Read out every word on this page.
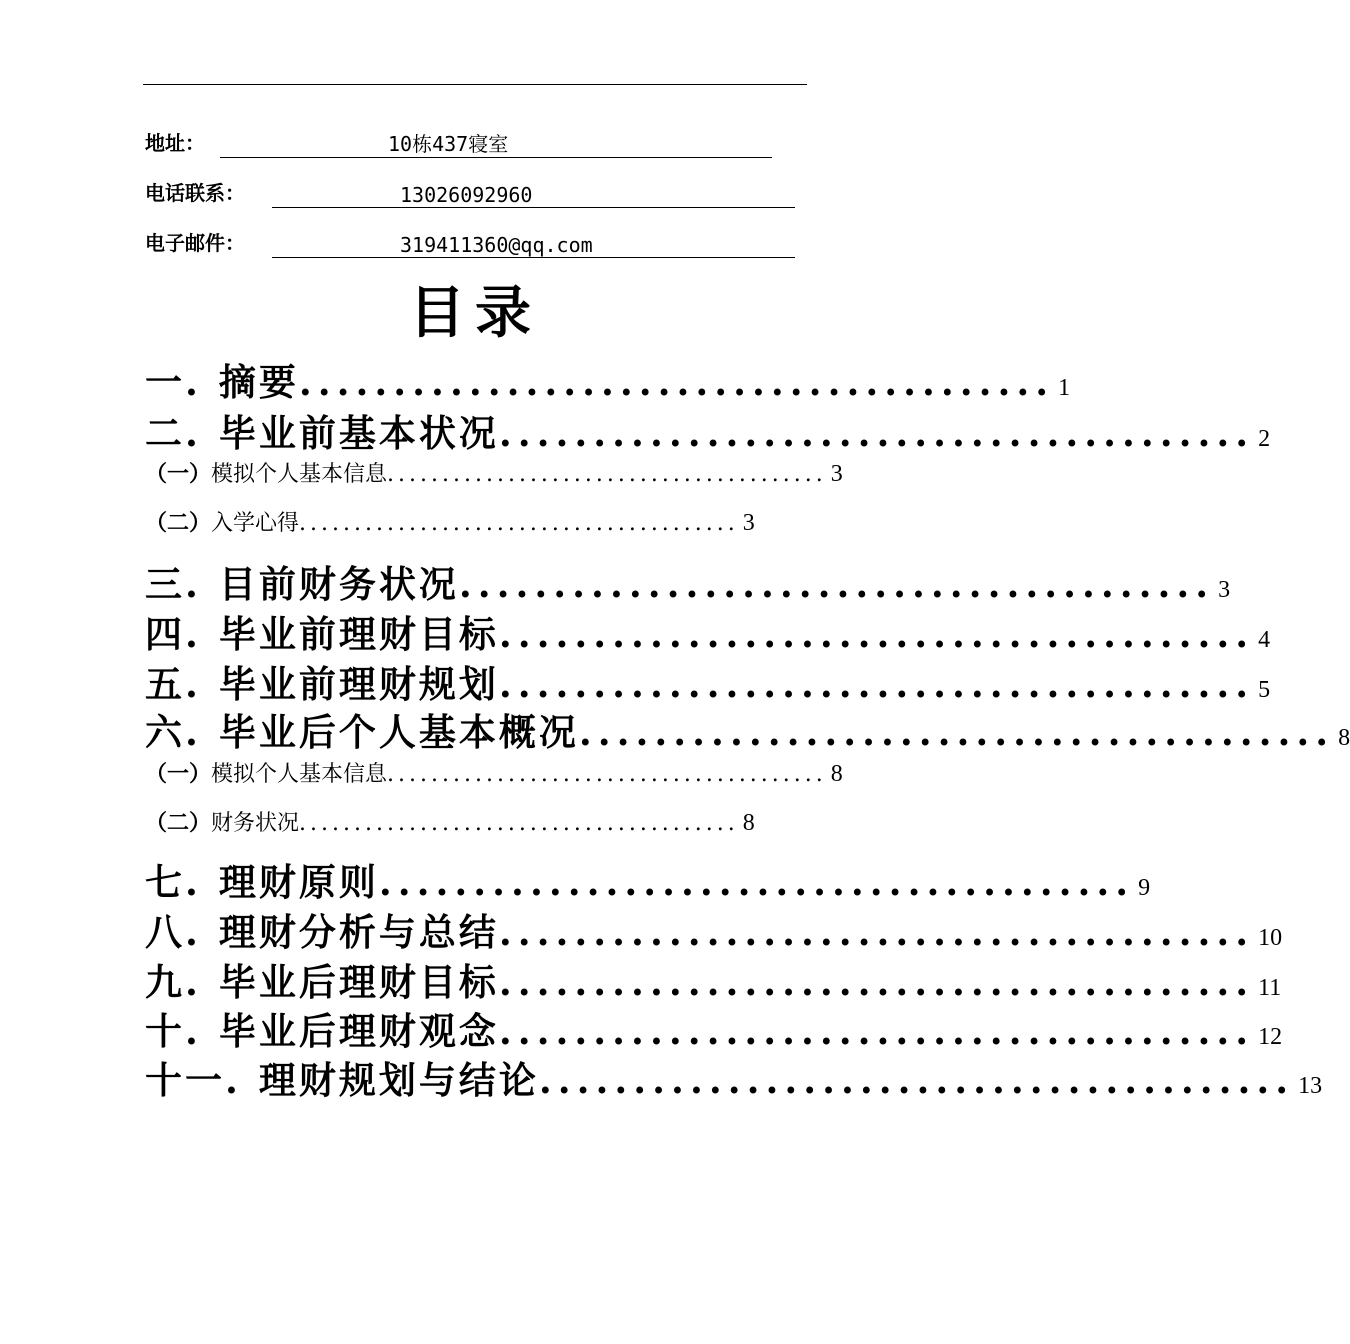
地址：	10栋437寝室
电话联系：	13026092960
电子邮件：	319411360@qq.com
目录
一. 摘要 ........................................ 1
二. 毕业前基本状况 ........................................ 2
（一） 模拟个人基本信息 ........................................ 3
（二） 入学心得 ........................................ 3
三. 目前财务状况 ........................................ 3
四. 毕业前理财目标 ........................................ 4
五. 毕业前理财规划 ........................................ 5
六. 毕业后个人基本概况 ........................................ 8
（一） 模拟个人基本信息 ........................................ 8
（二） 财务状况 ........................................ 8
七. 理财原则 ........................................ 9
八. 理财分析与总结 ........................................ 10
九. 毕业后理财目标 ........................................ 11
十. 毕业后理财观念 ........................................ 12
十一. 理财规划与结论 ........................................ 13
